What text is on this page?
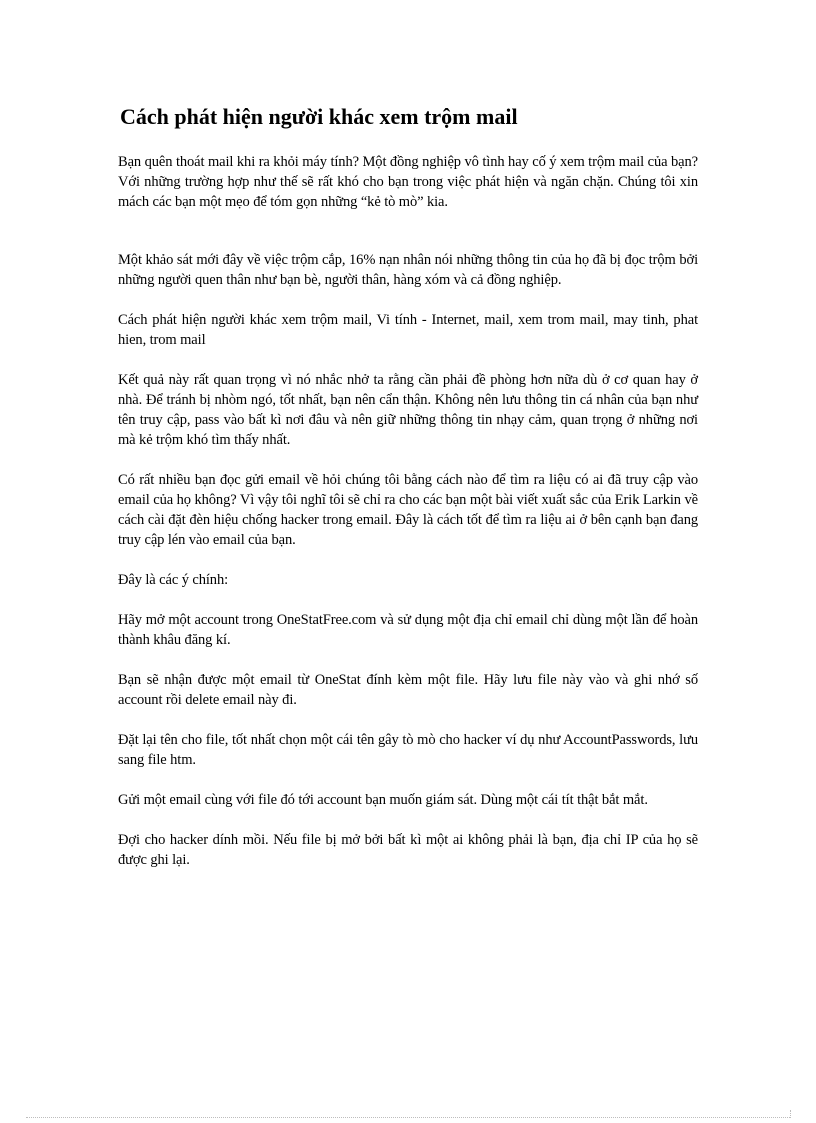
Cách phát hiện người khác xem trộm mail

Bạn quên thoát mail khi ra khỏi máy tính? Một đồng nghiệp vô tình hay cố ý xem trộm mail của bạn? Với những trường hợp như thế sẽ rất khó cho bạn trong việc phát hiện và ngăn chặn. Chúng tôi xin mách các bạn một mẹo để tóm gọn những “kẻ tò mò” kia.

Một khảo sát mới đây về việc trộm cắp, 16% nạn nhân nói những thông tin của họ đã bị đọc trộm bởi những người quen thân như bạn bè, người thân, hàng xóm và cả đồng nghiệp.

Cách phát hiện người khác xem trộm mail, Vi tính - Internet, mail, xem trom mail, may tinh, phat hien, trom mail

Kết quả này rất quan trọng vì nó nhắc nhở ta rằng cần phải đề phòng hơn nữa dù ở cơ quan hay ở nhà. Để tránh bị nhòm ngó, tốt nhất, bạn nên cẩn thận. Không nên lưu thông tin cá nhân của bạn như tên truy cập, pass vào bất kì nơi đâu và nên giữ những thông tin nhạy cảm, quan trọng ở những nơi mà kẻ trộm khó tìm thấy nhất.

Có rất nhiều bạn đọc gửi email về hỏi chúng tôi bằng cách nào để tìm ra liệu có ai đã truy cập vào email của họ không? Vì vậy tôi nghĩ tôi sẽ chỉ ra cho các bạn một bài viết xuất sắc của Erik Larkin về cách cài đặt đèn hiệu chống hacker trong email. Đây là cách tốt để tìm ra liệu ai ở bên cạnh bạn đang truy cập lén vào email của bạn.

Đây là các ý chính:

Hãy mở một account trong OneStatFree.com và sử dụng một địa chỉ email chỉ dùng một lần để hoàn thành khâu đăng kí.

Bạn sẽ nhận được một email từ OneStat đính kèm một file. Hãy lưu file này vào và ghi nhớ số account rồi delete email này đi.

Đặt lại tên cho file, tốt nhất chọn một cái tên gây tò mò cho hacker ví dụ như AccountPasswords, lưu sang file htm.

Gửi một email cùng với file đó tới account bạn muốn giám sát. Dùng một cái tít thật bắt mắt.

Đợi cho hacker dính mồi. Nếu file bị mở bởi bất kì một ai không phải là bạn, địa chỉ IP của họ sẽ được ghi lại.
